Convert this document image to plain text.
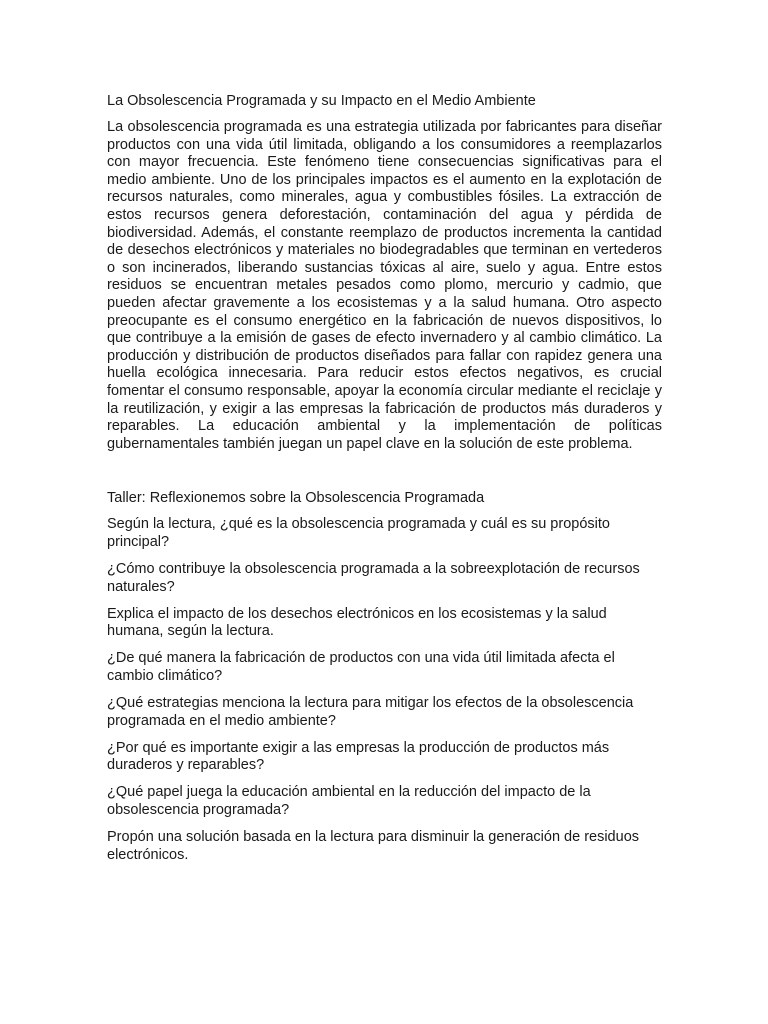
La Obsolescencia Programada y su Impacto en el Medio Ambiente

La obsolescencia programada es una estrategia utilizada por fabricantes para diseñar productos con una vida útil limitada, obligando a los consumidores a reemplazarlos con mayor frecuencia. Este fenómeno tiene consecuencias significativas para el medio ambiente. Uno de los principales impactos es el aumento en la explotación de recursos naturales, como minerales, agua y combustibles fósiles. La extracción de estos recursos genera deforestación, contaminación del agua y pérdida de biodiversidad. Además, el constante reemplazo de productos incrementa la cantidad de desechos electrónicos y materiales no biodegradables que terminan en vertederos o son incinerados, liberando sustancias tóxicas al aire, suelo y agua. Entre estos residuos se encuentran metales pesados como plomo, mercurio y cadmio, que pueden afectar gravemente a los ecosistemas y a la salud humana. Otro aspecto preocupante es el consumo energético en la fabricación de nuevos dispositivos, lo que contribuye a la emisión de gases de efecto invernadero y al cambio climático. La producción y distribución de productos diseñados para fallar con rapidez genera una huella ecológica innecesaria. Para reducir estos efectos negativos, es crucial fomentar el consumo responsable, apoyar la economía circular mediante el reciclaje y la reutilización, y exigir a las empresas la fabricación de productos más duraderos y reparables. La educación ambiental y la implementación de políticas gubernamentales también juegan un papel clave en la solución de este problema.

Taller: Reflexionemos sobre la Obsolescencia Programada

Según la lectura, ¿qué es la obsolescencia programada y cuál es su propósito principal?

¿Cómo contribuye la obsolescencia programada a la sobreexplotación de recursos naturales?

Explica el impacto de los desechos electrónicos en los ecosistemas y la salud humana, según la lectura.

¿De qué manera la fabricación de productos con una vida útil limitada afecta el cambio climático?

¿Qué estrategias menciona la lectura para mitigar los efectos de la obsolescencia programada en el medio ambiente?

¿Por qué es importante exigir a las empresas la producción de productos más duraderos y reparables?

¿Qué papel juega la educación ambiental en la reducción del impacto de la obsolescencia programada?

Propón una solución basada en la lectura para disminuir la generación de residuos electrónicos.
